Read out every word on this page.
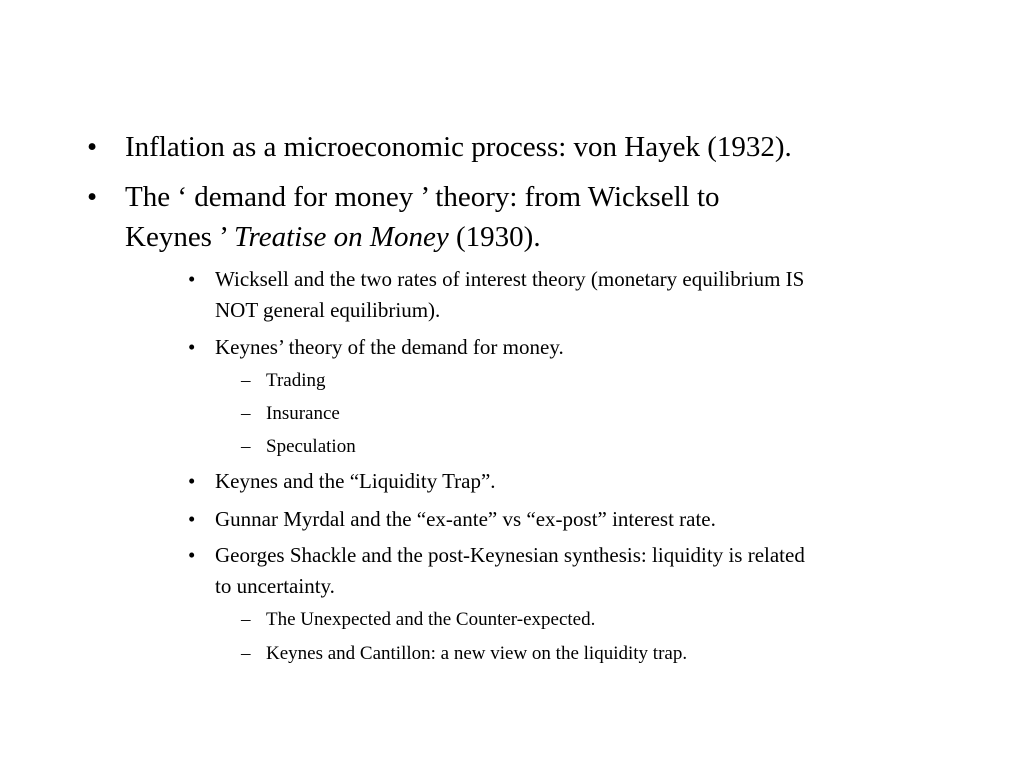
• Inflation as a microeconomic process: von Hayek (1932).
• The ‘ demand for money ’ theory: from Wicksell to
Keynes ’ Treatise on Money (1930).
• Wicksell and the two rates of interest theory (monetary equilibrium IS
NOT general equilibrium).
• Keynes’ theory of the demand for money.
– Trading
– Insurance
– Speculation
• Keynes and the “Liquidity Trap”.
• Gunnar Myrdal and the “ex-ante” vs “ex-post” interest rate.
• Georges Shackle and the post-Keynesian synthesis: liquidity is related
to uncertainty.
– The Unexpected and the Counter-expected.
– Keynes and Cantillon: a new view on the liquidity trap.
